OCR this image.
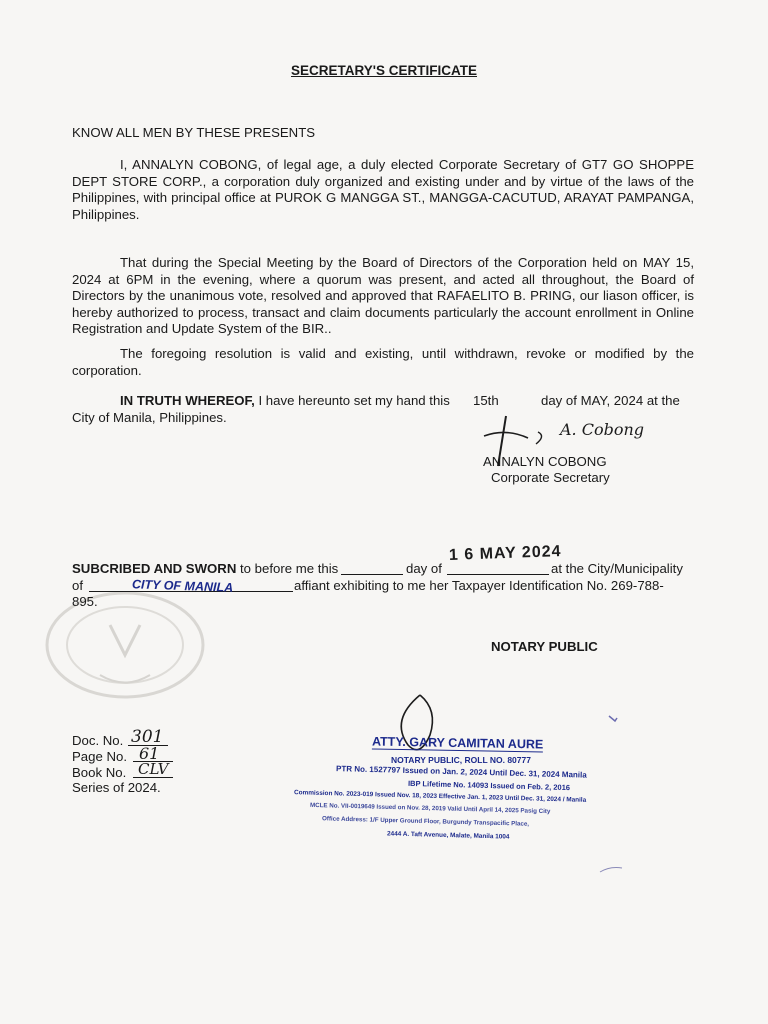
SECRETARY'S CERTIFICATE
KNOW ALL MEN BY THESE PRESENTS
I, ANNALYN COBONG, of legal age, a duly elected Corporate Secretary of GT7 GO SHOPPE DEPT STORE CORP., a corporation duly organized and existing under and by virtue of the laws of the Philippines, with principal office at PUROK G MANGGA ST., MANGGA-CACUTUD, ARAYAT PAMPANGA, Philippines.
That during the Special Meeting by the Board of Directors of the Corporation held on MAY 15, 2024 at 6PM in the evening, where a quorum was present, and acted all throughout, the Board of Directors by the unanimous vote, resolved and approved that RAFAELITO B. PRING, our liason officer, is hereby authorized to process, transact and claim documents particularly the account enrollment in Online Registration and Update System of the BIR..
The foregoing resolution is valid and existing, until withdrawn, revoke or modified by the corporation.
IN TRUTH WHEREOF, I have hereunto set my hand this	15th	day of MAY, 2024 at the
City of Manila, Philippines.
A. Cobong
ANNALYN COBONG
Corporate Secretary
SUBCRIBED AND SWORN to before me this	day of
1 6 MAY 2024
at the City/Municipality
of	CITY OF MANILA	affiant exhibiting to me her Taxpayer Identification No. 269-788-
895.
NOTARY PUBLIC
Doc. No. 301
Page No. 61
Book No. CLV
Series of 2024.
ATTY. GARY CAMITAN AURE
NOTARY PUBLIC, ROLL NO. 80777
PTR No. 1527797 Issued on Jan. 2, 2024 Until Dec. 31, 2024 Manila
IBP Lifetime No. 14093 Issued on Feb. 2, 2016
Commission No. 2023-019 Issued Nov. 18, 2023 Effective Jan. 1, 2023 Until Dec. 31, 2024 / Manila
MCLE No. VII-0019649 Issued on Nov. 28, 2019 Valid Until April 14, 2025 Pasig City
Office Address: 1/F Upper Ground Floor, Burgundy Transpacific Place,
2444 A. Taft Avenue, Malate, Manila 1004
